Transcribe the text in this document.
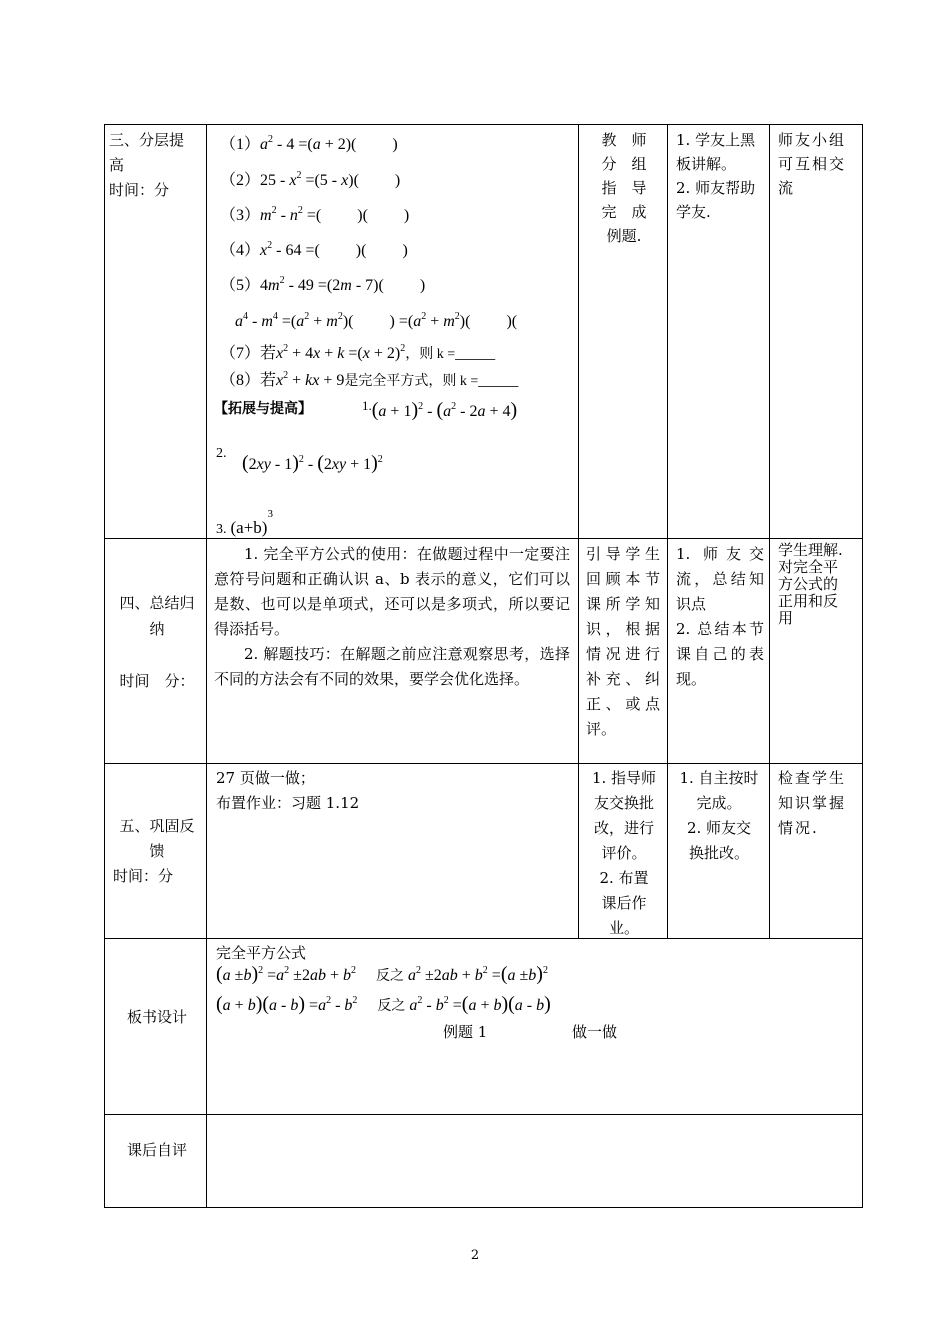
三、分层提
高
时间：分
$(1)a^2 - 4 =(a + 2)$(　　 )
$(2)25 - x^2 =(5 - x)$(　　 )
$(3)m^2 - n^2$ =(　　 )(　　 )
$(4)x^2 - 64$ =(　　 )(　　 )
$(5)4m^2 - 49 =(2m - 7)$(　　 )
$a^4 - m^4 =(a^2 + m^2)$(　　 ) $=(a^2 + m^2)$(　　 )(
（7）若$x^2 + 4x + k =(x + 2)^2$，则 k =_____
（8）若$x^2$ + kx + 9是完全平方式，则 k =_____
【拓展与提高】	$^{1.}(a + 1)^2 - (a^2 - 2a + 4)$
2. $(2xy - 1)^2 - (2xy + 1)^2$
3. $(a+b)^3$
教　师
分　组
指　导
完　成
例题.
1. 学友上黑
板讲解。
2. 师友帮助
学友.
师友小组
可互相交
流
四、总结归
纳
时间　分：
1. 完全平方公式的使用：在做题过程中一定要注意符号问题和正确认识 a、b 表示的意义，它们可以是数、也可以是单项式，还可以是多项式，所以要记得添括号。
2. 解题技巧：在解题之前应注意观察思考，选择不同的方法会有不同的效果，要学会优化选择。
引导学生回顾本节课所学知识，根据情况进行补充、纠正、或点评。
1. 师友交流，总结知识点
2. 总结本节课自己的表现。
学生理解.
对完全平
方公式的
正用和反
用
五、巩固反
馈
时间：分
27 页做一做；
布置作业：习题 1.12
1. 指导师
友交换批
改，进行
评价。
2. 布置
课后作
业。
1. 自主按时
完成。
2. 师友交
换批改。
检查学生
知识掌握
情况.
板书设计
完全平方公式
$(a \pm b)^2 =a^2 \pm 2ab + b^2$　 反之 $a^2 \pm 2ab + b^2 =(a \pm b)^2$
$(a + b)(a - b) =a^2 - b^2$　 反之 $a^2 - b^2 =(a + b)(a - b)$
例题 1	做一做
课后自评
2
